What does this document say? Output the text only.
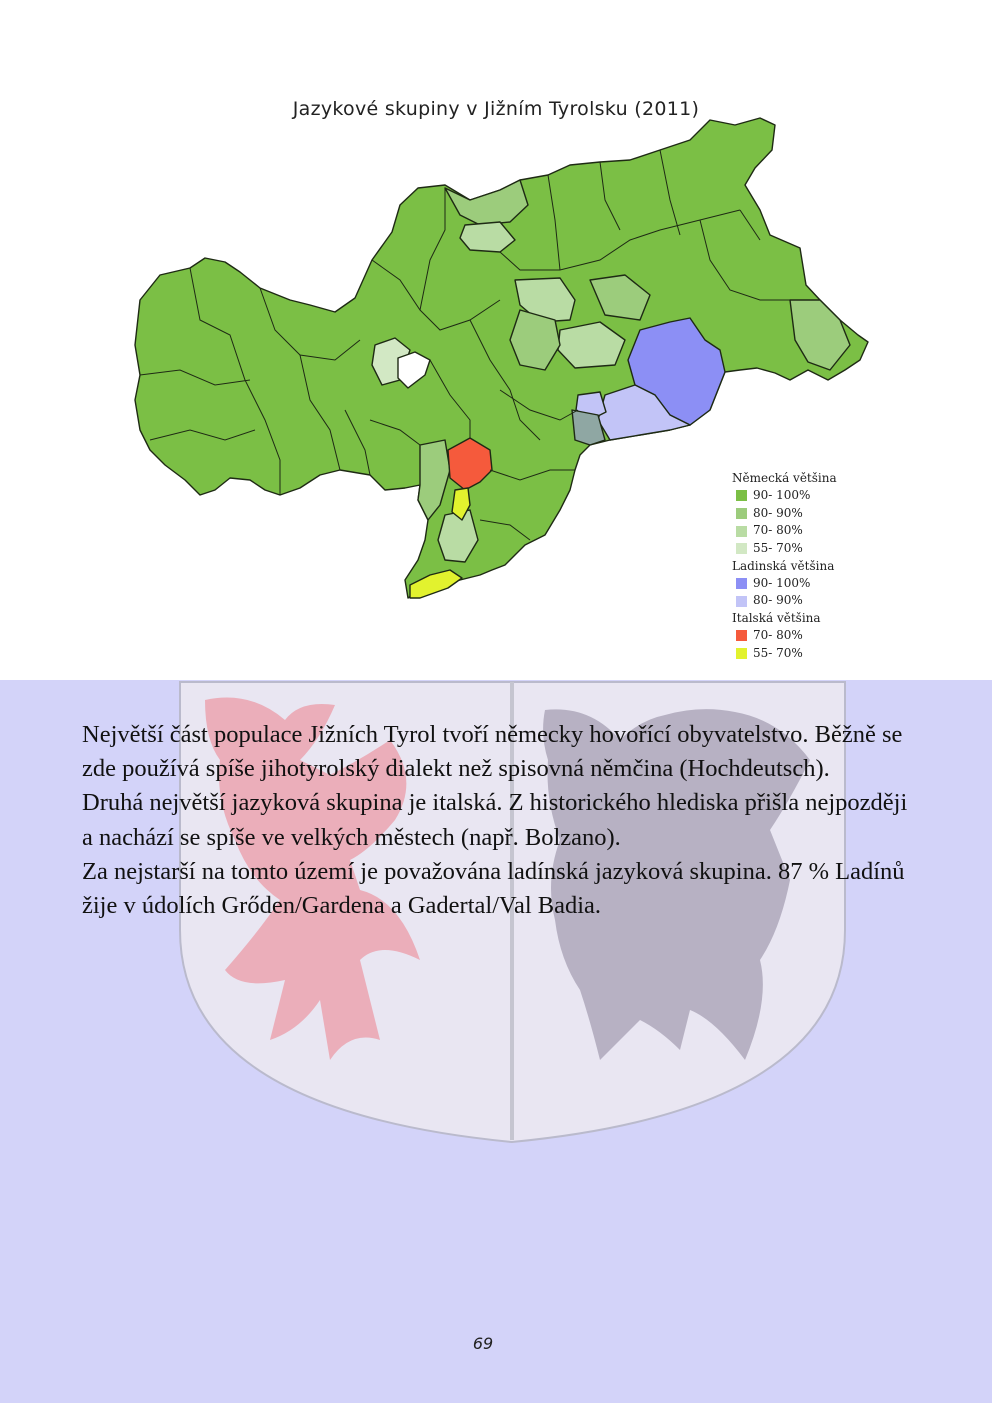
Jazykové skupiny v Jižním Tyrolsku (2011)
Německá většina
90- 100%
80- 90%
70- 80%
55- 70%
Ladinská většina
90- 100%
80- 90%
Italská většina
70- 80%
55- 70%

Největší část populace Jižních Tyrol tvoří německy hovořící obyvatelstvo. Běžně se zde používá spíše jihotyrolský dialekt než spisovná němčina (Hochdeutsch).

Druhá největší jazyková skupina je italská. Z historického hlediska přišla nejpozději a nachází se spíše ve velkých městech (např. Bolzano).

Za nejstarší na tomto území je považována ladínská jazyková skupina. 87 % Ladínů žije v údolích Grőden/Gardena a Gadertal/Val Badia.

69
